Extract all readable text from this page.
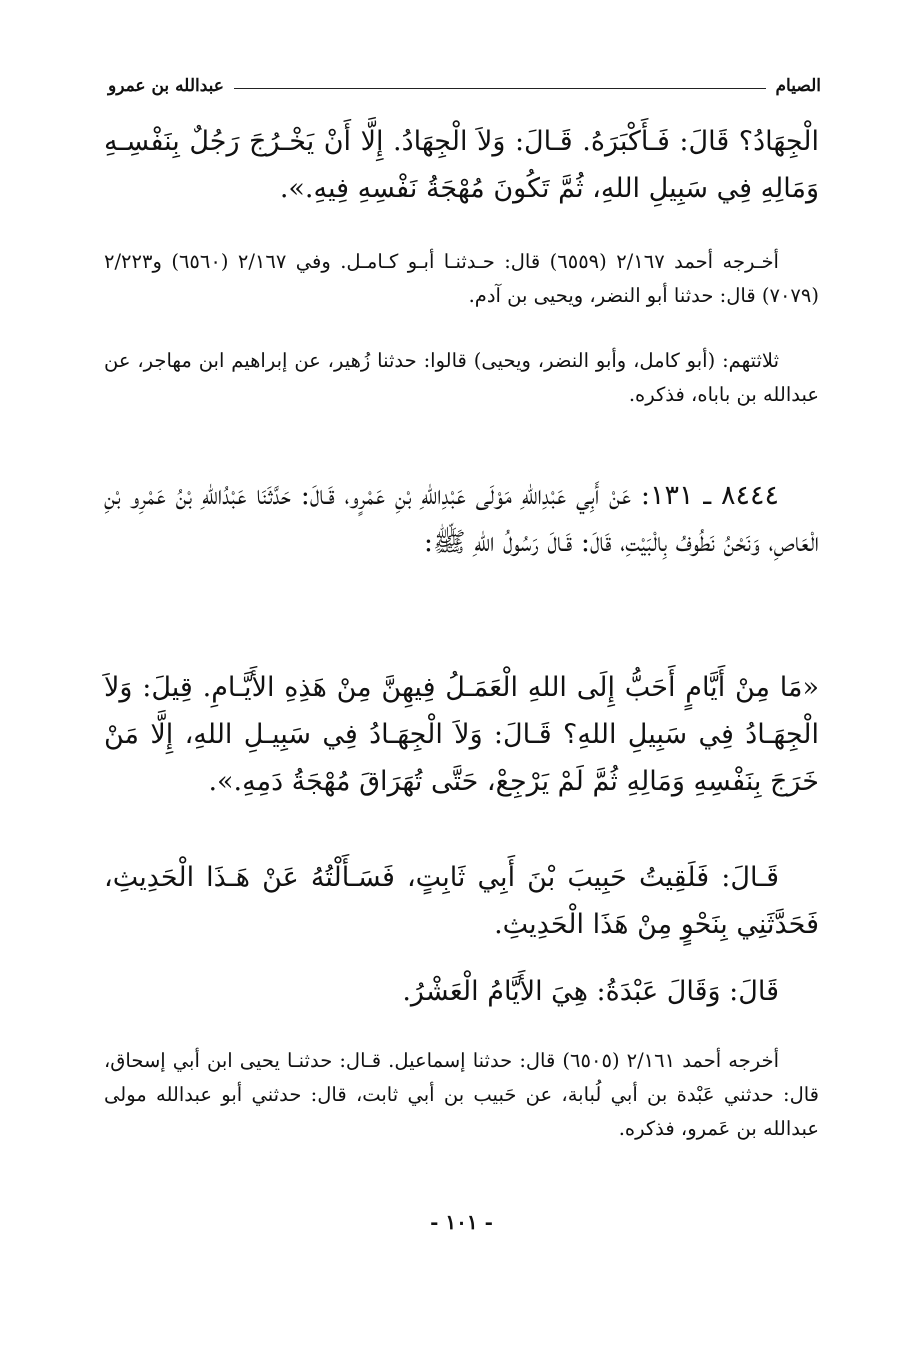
الصيام
عبدالله بن عمرو

الْجِهَادُ؟ قَالَ: فَـأَكْبَرَهُ. قَـالَ: وَلاَ الْجِهَادُ. إِلَّا أَنْ يَخْـرُجَ رَجُلٌ بِنَفْسِـهِ وَمَالِهِ فِي سَبِيلِ اللهِ، ثُمَّ تَكُونَ مُهْجَةُ نَفْسِهِ فِيهِ.».

أخـرجه أحمد ٢/١٦٧ (٦٥٥٩) قال: حـدثنـا أبـو كـامـل. وفي ٢/١٦٧ (٦٥٦٠) و٢/٢٢٣ (٧٠٧٩) قال: حدثنا أبو النضر، ويحيى بن آدم.

ثلاثتهم: (أبو كامل، وأبو النضر، ويحيى) قالوا: حدثنا زُهير، عن إبراهيم ابن مهاجر، عن عبدالله بن باباه، فذكره.

٨٤٤٤ ـ ١٣١: عَنْ أَبِي عَبْدِاللهِ مَوْلَى عَبْدِاللهِ بْنِ عَمْرٍو، قَـالَ: حَدَّثَنَا عَبْدُاللهِ بْنُ عَمْرِو بْنِ الْعَاصِ، وَنَحْنُ نَطُوفُ بِالْبَيْتِ، قَالَ: قَـالَ رَسُولُ اللهِ ﷺ:

«مَا مِنْ أَيَّامٍ أَحَبُّ إِلَى اللهِ الْعَمَـلُ فِيهِنَّ مِنْ هَذِهِ الأَيَّـامِ. قِيلَ: وَلاَ الْجِهَـادُ فِي سَبِيلِ اللهِ؟ قَـالَ: وَلاَ الْجِهَـادُ فِي سَبِيـلِ اللهِ، إِلَّا مَنْ خَرَجَ بِنَفْسِهِ وَمَالِهِ ثُمَّ لَمْ يَرْجِعْ، حَتَّى تُهَرَاقَ مُهْجَةُ دَمِهِ.».

قَـالَ: فَلَقِيتُ حَبِيبَ بْنَ أَبِي ثَابِتٍ، فَسَـأَلْتُهُ عَنْ هَـذَا الْحَدِيثِ، فَحَدَّثَنِي بِنَحْوٍ مِنْ هَذَا الْحَدِيثِ.

قَالَ: وَقَالَ عَبْدَةُ: هِيَ الأَيَّامُ الْعَشْرُ.

أخرجه أحمد ٢/١٦١ (٦٥٠٥) قال: حدثنا إسماعيل. قـال: حدثنـا يحيى ابن أبي إسحاق، قال: حدثني عَبْدة بن أبي لُبابة، عن حَبيب بن أبي ثابت، قال: حدثني أبو عبدالله مولى عبدالله بن عَمرو، فذكره.

- ١٠١ -
